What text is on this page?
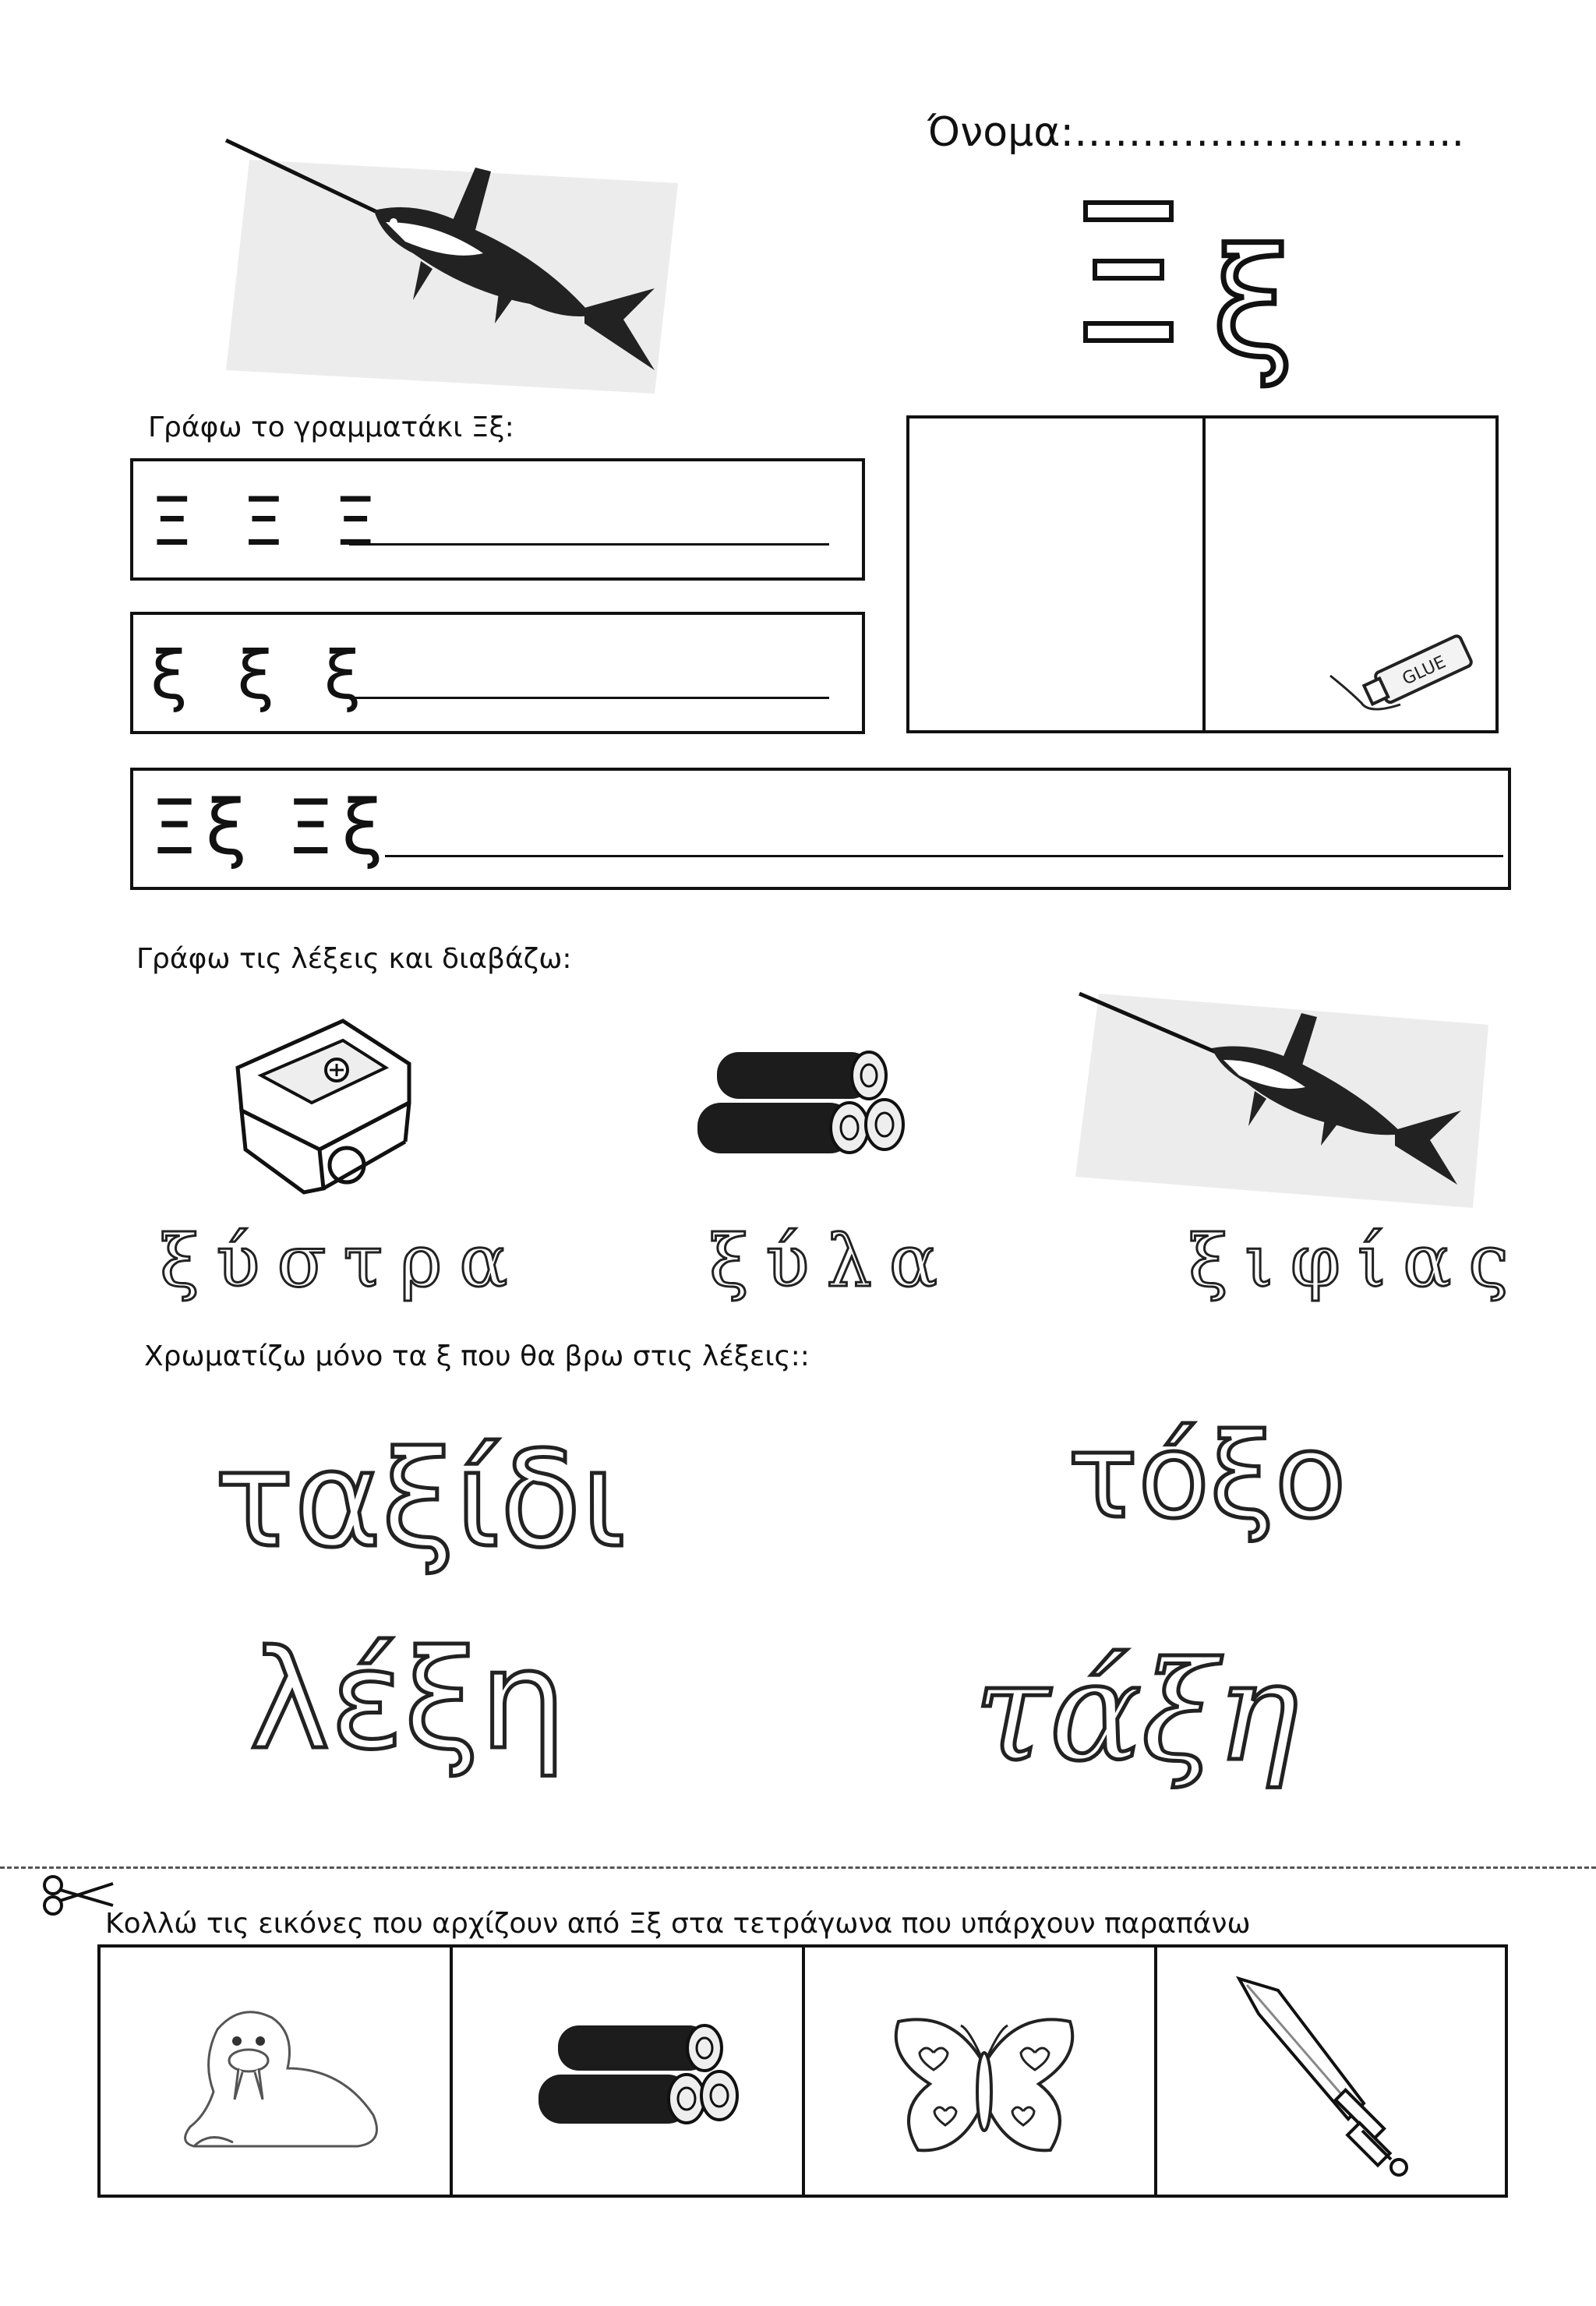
Όνομα:………………………..
ξ
Γράφω το γραμματάκι Ξξ:
Ξ Ξ Ξ
ξ ξ ξ
Ξξ Ξξ
GLUE
Γράφω τις λέξεις και διαβάζω:
ξύστρα	ξύλα	ξιφίας
Χρωματίζω μόνο τα ξ που θα βρω στις λέξεις::
ταξίδι	τόξο
λέξη	τάξη
Κολλώ τις εικόνες που αρχίζουν από Ξξ στα τετράγωνα που υπάρχουν παραπάνω
